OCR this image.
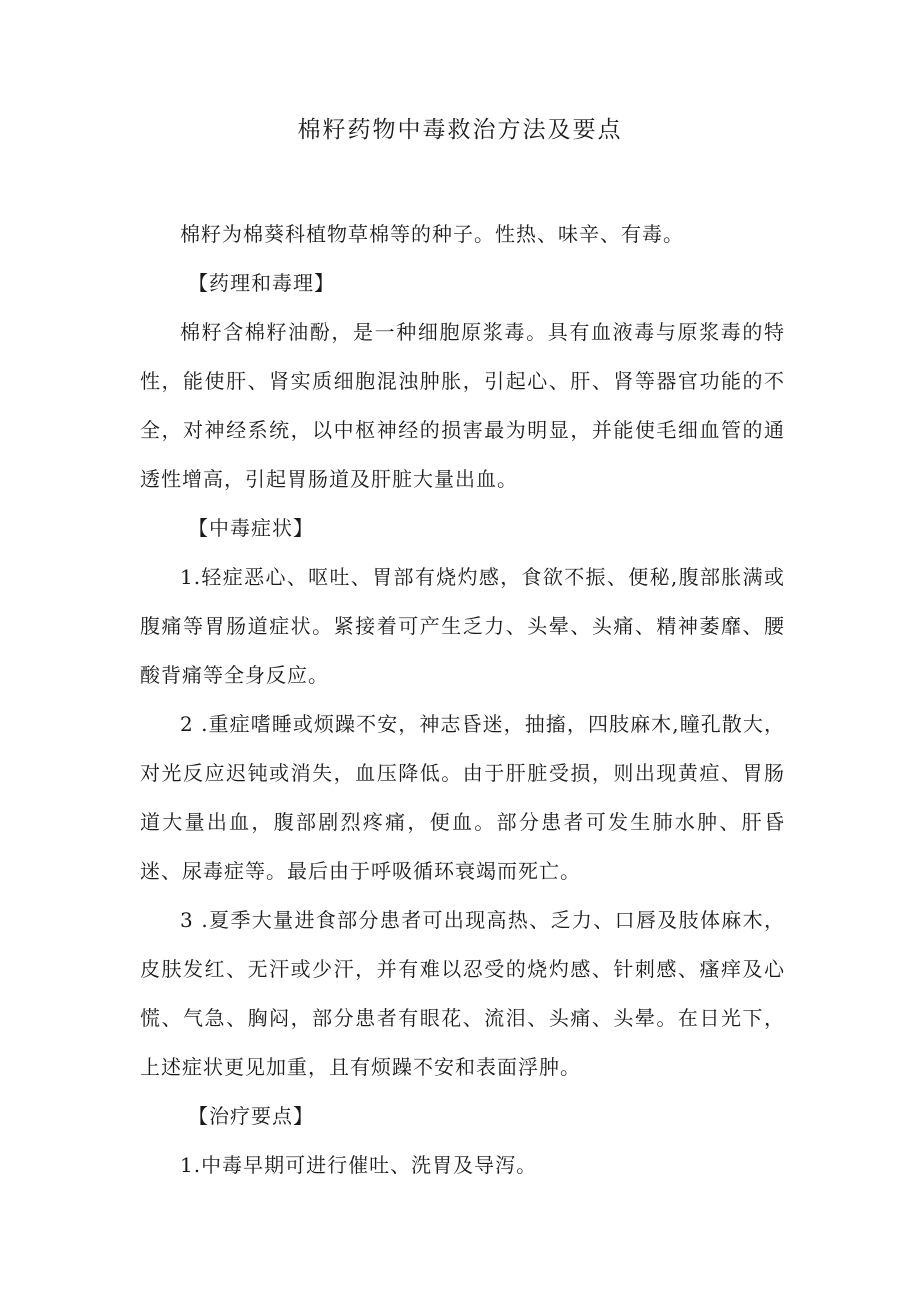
棉籽药物中毒救治方法及要点

棉籽为棉葵科植物草棉等的种子。性热、味辛、有毒。

【药理和毒理】

棉籽含棉籽油酚，是一种细胞原浆毒。具有血液毒与原浆毒的特性，能使肝、肾实质细胞混浊肿胀，引起心、肝、肾等器官功能的不全，对神经系统，以中枢神经的损害最为明显，并能使毛细血管的通透性增高，引起胃肠道及肝脏大量出血。

【中毒症状】

1.轻症恶心、呕吐、胃部有烧灼感，食欲不振、便秘,腹部胀满或腹痛等胃肠道症状。紧接着可产生乏力、头晕、头痛、精神萎靡、腰酸背痛等全身反应。

2 .重症嗜睡或烦躁不安，神志昏迷，抽搐，四肢麻木,瞳孔散大，对光反应迟钝或消失，血压降低。由于肝脏受损，则出现黄疸、胃肠道大量出血，腹部剧烈疼痛，便血。部分患者可发生肺水肿、肝昏迷、尿毒症等。最后由于呼吸循环衰竭而死亡。

3 .夏季大量进食部分患者可出现高热、乏力、口唇及肢体麻木，皮肤发红、无汗或少汗，并有难以忍受的烧灼感、针刺感、瘙痒及心慌、气急、胸闷，部分患者有眼花、流泪、头痛、头晕。在日光下，上述症状更见加重，且有烦躁不安和表面浮肿。

【治疗要点】

1.中毒早期可进行催吐、洗胃及导泻。
